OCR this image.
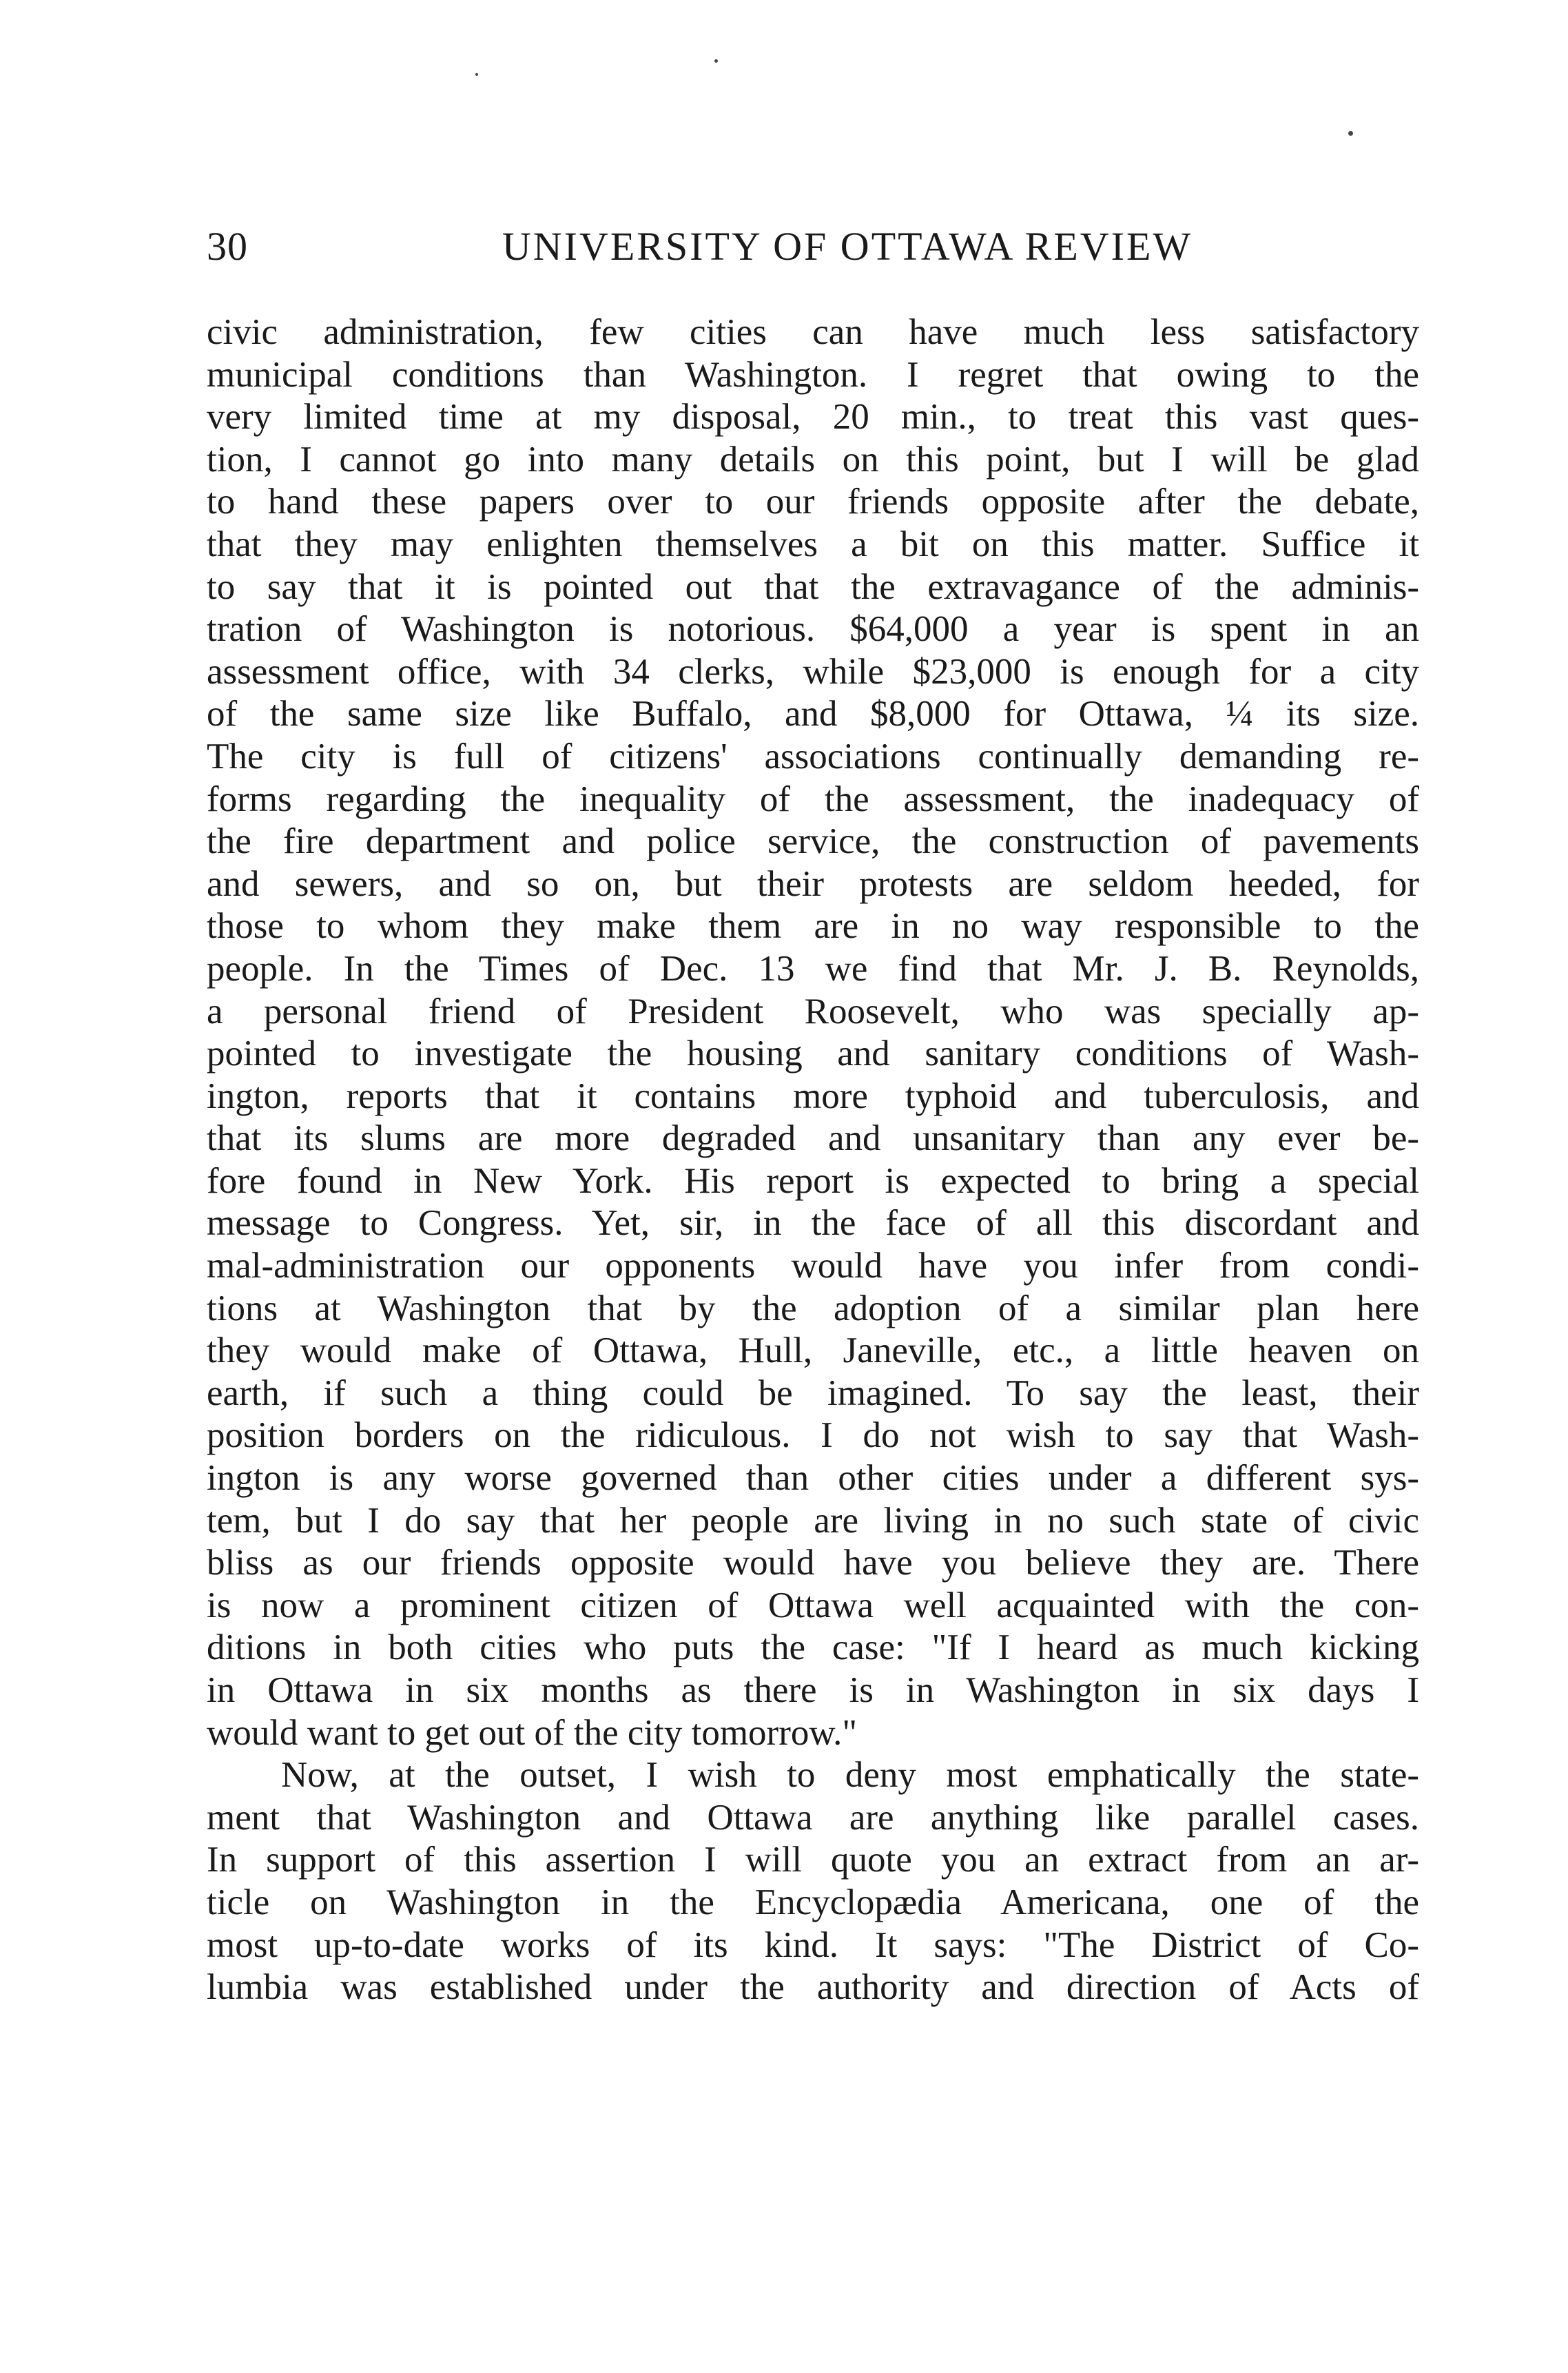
30	UNIVERSITY OF OTTAWA REVIEW
civic administration, few cities can have much less satisfactory
municipal conditions than Washington. I regret that owing to the
very limited time at my disposal, 20 min., to treat this vast ques-
tion, I cannot go into many details on this point, but I will be glad
to hand these papers over to our friends opposite after the debate,
that they may enlighten themselves a bit on this matter. Suffice it
to say that it is pointed out that the extravagance of the adminis-
tration of Washington is notorious. $64,000 a year is spent in an
assessment office, with 34 clerks, while $23,000 is enough for a city
of the same size like Buffalo, and $8,000 for Ottawa, ¼ its size.
The city is full of citizens' associations continually demanding re-
forms regarding the inequality of the assessment, the inadequacy of
the fire department and police service, the construction of pavements
and sewers, and so on, but their protests are seldom heeded, for
those to whom they make them are in no way responsible to the
people. In the Times of Dec. 13 we find that Mr. J. B. Reynolds,
a personal friend of President Roosevelt, who was specially ap-
pointed to investigate the housing and sanitary conditions of Wash-
ington, reports that it contains more typhoid and tuberculosis, and
that its slums are more degraded and unsanitary than any ever be-
fore found in New York. His report is expected to bring a special
message to Congress. Yet, sir, in the face of all this discordant and
mal-administration our opponents would have you infer from condi-
tions at Washington that by the adoption of a similar plan here
they would make of Ottawa, Hull, Janeville, etc., a little heaven on
earth, if such a thing could be imagined. To say the least, their
position borders on the ridiculous. I do not wish to say that Wash-
ington is any worse governed than other cities under a different sys-
tem, but I do say that her people are living in no such state of civic
bliss as our friends opposite would have you believe they are. There
is now a prominent citizen of Ottawa well acquainted with the con-
ditions in both cities who puts the case: "If I heard as much kicking
in Ottawa in six months as there is in Washington in six days I
would want to get out of the city tomorrow."
Now, at the outset, I wish to deny most emphatically the state-
ment that Washington and Ottawa are anything like parallel cases.
In support of this assertion I will quote you an extract from an ar-
ticle on Washington in the Encyclopædia Americana, one of the
most up-to-date works of its kind. It says: "The District of Co-
lumbia was established under the authority and direction of Acts of
